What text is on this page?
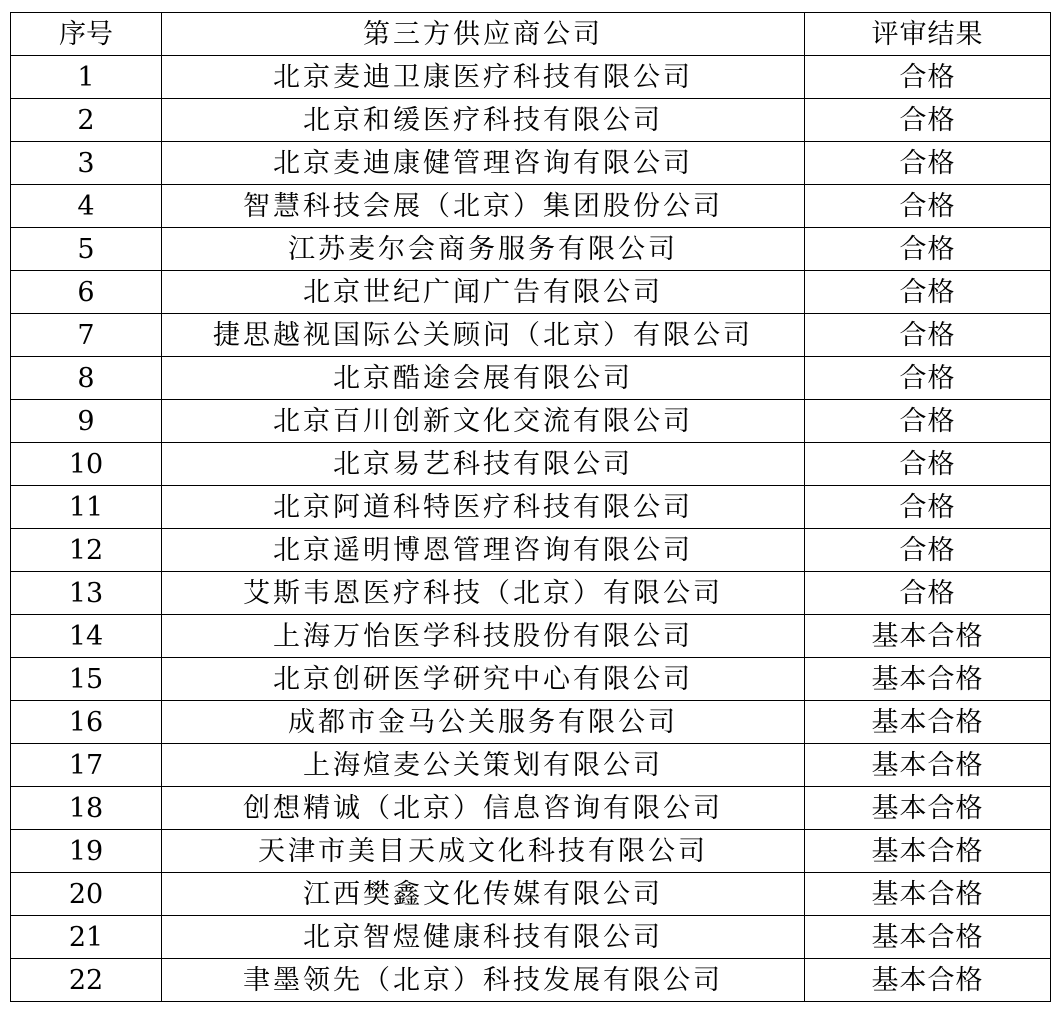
序号	第三方供应商公司	评审结果
1	北京麦迪卫康医疗科技有限公司	合格
2	北京和缓医疗科技有限公司	合格
3	北京麦迪康健管理咨询有限公司	合格
4	智慧科技会展（北京）集团股份公司	合格
5	江苏麦尔会商务服务有限公司	合格
6	北京世纪广闻广告有限公司	合格
7	捷思越视国际公关顾问（北京）有限公司	合格
8	北京酷途会展有限公司	合格
9	北京百川创新文化交流有限公司	合格
10	北京易艺科技有限公司	合格
11	北京阿道科特医疗科技有限公司	合格
12	北京遥明博恩管理咨询有限公司	合格
13	艾斯韦恩医疗科技（北京）有限公司	合格
14	上海万怡医学科技股份有限公司	基本合格
15	北京创研医学研究中心有限公司	基本合格
16	成都市金马公关服务有限公司	基本合格
17	上海煊麦公关策划有限公司	基本合格
18	创想精诚（北京）信息咨询有限公司	基本合格
19	天津市美目天成文化科技有限公司	基本合格
20	江西樊鑫文化传媒有限公司	基本合格
21	北京智煜健康科技有限公司	基本合格
22	聿墨领先（北京）科技发展有限公司	基本合格
